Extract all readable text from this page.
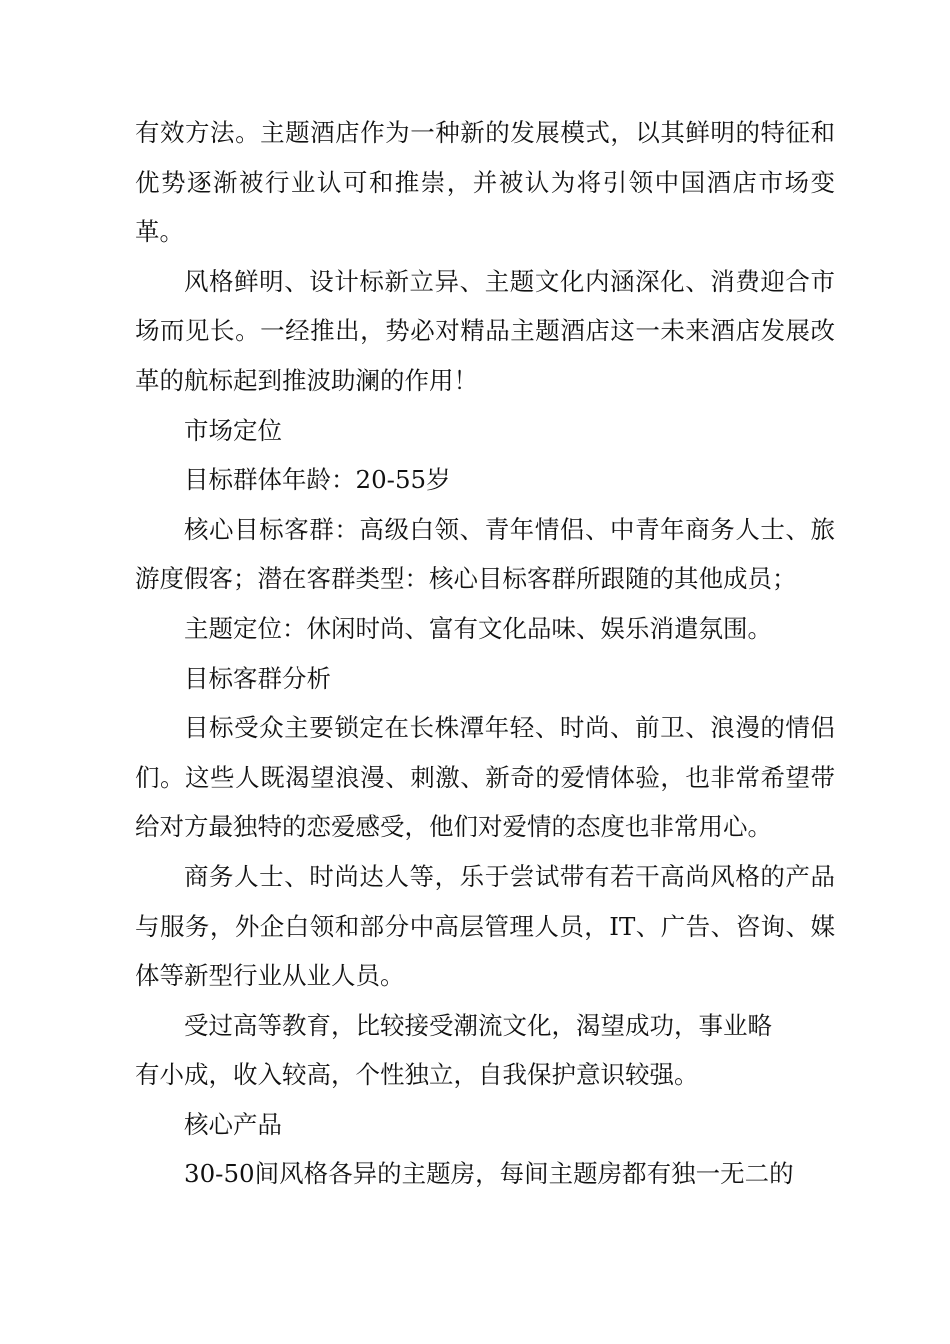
有效方法。主题酒店作为一种新的发展模式，以其鲜明的特征和优势逐渐被行业认可和推崇，并被认为将引领中国酒店市场变革。

风格鲜明、设计标新立异、主题文化内涵深化、消费迎合市场而见长。一经推出，势必对精品主题酒店这一未来酒店发展改革的航标起到推波助澜的作用！

市场定位

目标群体年龄：20-55岁

核心目标客群：高级白领、青年情侣、中青年商务人士、旅游度假客；潜在客群类型：核心目标客群所跟随的其他成员；

主题定位：休闲时尚、富有文化品味、娱乐消遣氛围。

目标客群分析

目标受众主要锁定在长株潭年轻、时尚、前卫、浪漫的情侣们。这些人既渴望浪漫、刺激、新奇的爱情体验，也非常希望带给对方最独特的恋爱感受，他们对爱情的态度也非常用心。

商务人士、时尚达人等，乐于尝试带有若干高尚风格的产品与服务，外企白领和部分中高层管理人员，IT、广告、咨询、媒体等新型行业从业人员。

受过高等教育，比较接受潮流文化，渴望成功，事业略
有小成，收入较高，个性独立，自我保护意识较强。

核心产品

30-50间风格各异的主题房，每间主题房都有独一无二的
